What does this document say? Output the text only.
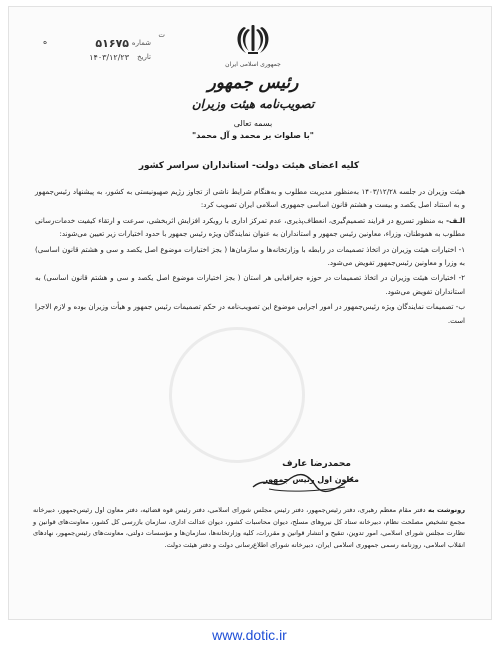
جمهوری اسلامی ایران
ه	شماره
۵۱۶۷۵
ت
تاریخ
۱۴۰۳/۱۲/۲۳
رئیس جمهور
تصویب‌نامه هیئت وزیران
بسمه تعالی
"با صلوات بر محمد و آل محمد"
کلیه اعضای هیئت دولت- استانداران سراسر کشور

هیئت وزیران در جلسه ۱۴۰۳/۱۲/۲۸ به‌منظور مدیریت مطلوب و به‌هنگام شرایط ناشی از تجاوز رژیم صهیونیستی به کشور، به پیشنهاد رئیس‌جمهور و به استناد اصل یکصد و بیست و هشتم قانون اساسی جمهوری اسلامی ایران تصویب کرد:

الـف- به منظور تسریع در فرایند تصمیم‌گیری، انعطاف‌پذیری، عدم تمرکز اداری با رویکرد افزایش اثربخشی، سرعت و ارتقاء کیفیت خدمات‌رسانی مطلوب به هموطنان، وزراء، معاونین رئیس جمهور و استانداران به عنوان نمایندگان ویژه رئیس جمهور با حدود اختیارات زیر تعیین می‌شوند:

۱- اختیارات هیئت وزیران در اتخاذ تصمیمات در رابطه با وزارتخانه‌ها و سازمان‌ها ( بجز اختیارات موضوع اصل یکصد و سی و هشتم قانون اساسی) به وزرا و معاونین رئیس‌جمهور تفویض می‌شود.

۲- اختیارات هیئت وزیران در اتخاذ تصمیمات در حوزه جغرافیایی هر استان ( بجز اختیارات موضوع اصل یکصد و سی و هشتم قانون اساسی) به استانداران تفویض می‌شود.

ب- تصمیمات نمایندگان ویژه رئیس‌جمهور در امور اجرایی موضوع این تصویب‌نامه در حکم تصمیمات رئیس جمهور و هیأت وزیران بوده و لازم الاجرا است.

محمدرضا عارف
معاون اول رئیس جمهور
رونوشت به دفتر مقام معظم رهبری، دفتر رئیس‌جمهور، دفتر رئیس مجلس شورای اسلامی، دفتر رئیس قوه قضائیه، دفتر معاون اول رئیس‌جمهور، دبیرخانه مجمع تشخیص مصلحت نظام، دبیرخانه ستاد کل نیروهای مسلح، دیوان محاسبات کشور، دیوان عدالت اداری، سازمان بازرسی کل کشور، معاونت‌های قوانین و نظارت مجلس شورای اسلامی، امور تدوین، تنقیح و انتشار قوانین و مقررات، کلیه وزارتخانه‌ها، سازمان‌ها و مؤسسات دولتی، معاونت‌های رئیس‌جمهور، نهادهای انقلاب اسلامی، روزنامه رسمی جمهوری اسلامی ایران، دبیرخانه شورای اطلاع‌رسانی دولت و دفتر هیئت دولت.
www.dotic.ir
